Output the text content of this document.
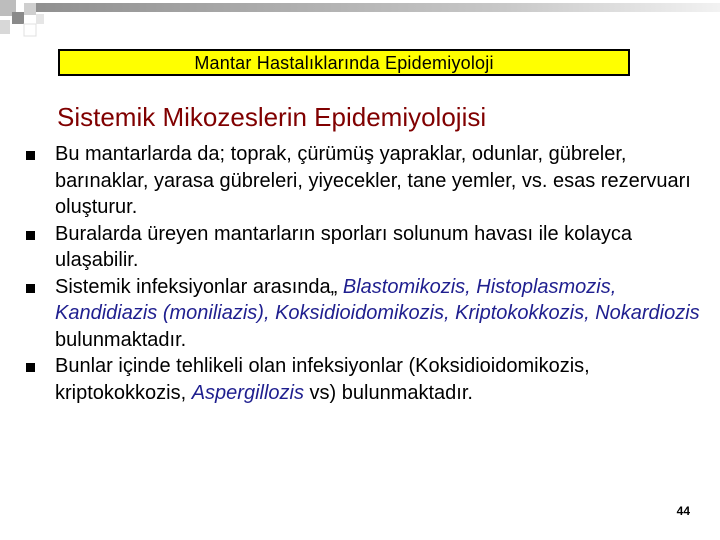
Mantar Hastalıklarında Epidemiyoloji
Sistemik Mikozeslerin Epidemiyolojisi
Bu mantarlarda da; toprak, çürümüş yapraklar, odunlar, gübreler, barınaklar, yarasa gübreleri, yiyecekler, tane yemler, vs. esas rezervuarı oluşturur.
Buralarda üreyen mantarların sporları solunum havası ile kolayca ulaşabilir.
Sistemik infeksiyonlar arasında„ Blastomikozis, Histoplasmozis, Kandidiazis (moniliazis), Koksidioidomikozis, Kriptokokkozis, Nokardiozis bulunmaktadır.
Bunlar içinde tehlikeli olan infeksiyonlar (Koksidioidomikozis, kriptokokkozis, Aspergillozis vs) bulunmaktadır.
44
